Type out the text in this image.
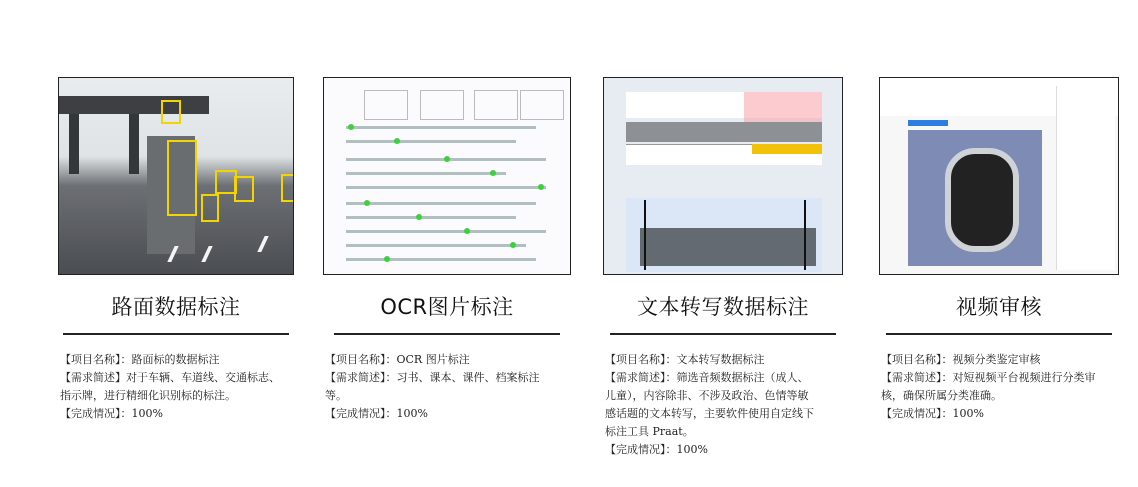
路面数据标注

【项目名称】：路面标的数据标注

【需求简述】对于车辆、车道线、交通标志、

指示牌，进行精细化识别标的标注。

【完成情况】：100%

OCR图片标注

【项目名称】：OCR 图片标注

【需求简述】：习书、课本、课件、档案标注等。

【完成情况】：100%

文本转写数据标注

【项目名称】：文本转写数据标注

【需求简述】：筛选音频数据标注（成人、

儿童），内容除非、不涉及政治、色情等敏

感话题的文本转写，主要软件使用自定线下

标注工具 Praat。

【完成情况】：100%

视频审核

【项目名称】：视频分类鉴定审核

【需求简述】：对短视频平台视频进行分类审

核，确保所属分类准确。

【完成情况】：100%
